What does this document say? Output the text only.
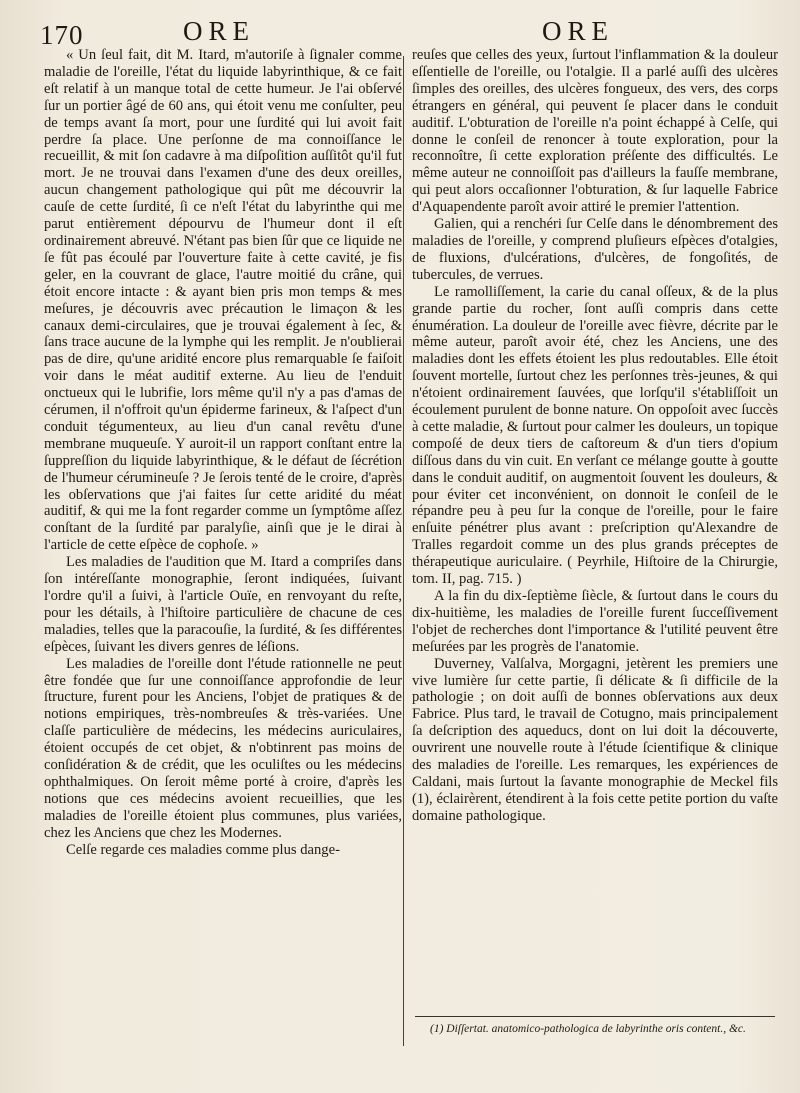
170	ORE	ORE

« Un ſeul fait, dit M. Itard, m'autoriſe à ſignaler comme maladie de l'oreille, l'état du liquide labyrinthique, & ce fait eſt relatif à un manque total de cette humeur. Je l'ai obſervé ſur un portier âgé de 60 ans, qui étoit venu me conſulter, peu de temps avant ſa mort, pour une ſurdité qui lui avoit fait perdre ſa place. Une perſonne de ma connoiſſance le recueillit, & mit ſon cadavre à ma diſpoſition auſſitôt qu'il fut mort. Je ne trouvai dans l'examen d'une des deux oreilles, aucun changement pathologique qui pût me découvrir la cauſe de cette ſurdité, ſi ce n'eſt l'état du labyrinthe qui me parut entièrement dépourvu de l'humeur dont il eſt ordinairement abreuvé. N'étant pas bien ſûr que ce liquide ne ſe fût pas écoulé par l'ouverture faite à cette cavité, je fis geler, en la couvrant de glace, l'autre moitié du crâne, qui étoit encore intacte : & ayant bien pris mon temps & mes meſures, je découvris avec précaution le limaçon & les canaux demi-circulaires, que je trouvai également à ſec, & ſans trace aucune de la lymphe qui les remplit. Je n'oublierai pas de dire, qu'une aridité encore plus remarquable ſe faiſoit voir dans le méat auditif externe. Au lieu de l'enduit onctueux qui le lubrifie, lors même qu'il n'y a pas d'amas de cérumen, il n'offroit qu'un épiderme farineux, & l'aſpect d'un conduit tégumenteux, au lieu d'un canal revêtu d'une membrane muqueuſe. Y auroit-il un rapport conſtant entre la ſuppreſſion du liquide labyrinthique, & le défaut de ſécrétion de l'humeur cérumineuſe ? Je ſerois tenté de le croire, d'après les obſervations que j'ai faites ſur cette aridité du méat auditif, & qui me la font regarder comme un ſymptôme aſſez conſtant de la ſurdité par paralyſie, ainſi que je le dirai à l'article de cette eſpèce de cophoſe. »

Les maladies de l'audition que M. Itard a compriſes dans ſon intéreſſante monographie, ſeront indiquées, ſuivant l'ordre qu'il a ſuivi, à l'article Ouïe, en renvoyant du reſte, pour les détails, à l'hiſtoire particulière de chacune de ces maladies, telles que la paracouſie, la ſurdité, & ſes différentes eſpèces, ſuivant les divers genres de léſions.

Les maladies de l'oreille dont l'étude rationnelle ne peut être fondée que ſur une connoiſſance approfondie de leur ſtructure, furent pour les Anciens, l'objet de pratiques & de notions empiriques, très-nombreuſes & très-variées. Une claſſe particulière de médecins, les médecins auriculaires, étoient occupés de cet objet, & n'obtinrent pas moins de conſidération & de crédit, que les oculiſtes ou les médecins ophthalmiques. On ſeroit même porté à croire, d'après les notions que ces médecins avoient recueillies, que les maladies de l'oreille étoient plus communes, plus variées, chez les Anciens que chez les Modernes.

Celſe regarde ces maladies comme plus dange-

reuſes que celles des yeux, ſurtout l'inflammation & la douleur eſſentielle de l'oreille, ou l'otalgie. Il a parlé auſſi des ulcères ſimples des oreilles, des ulcères fongueux, des vers, des corps étrangers en général, qui peuvent ſe placer dans le conduit auditif. L'obturation de l'oreille n'a point échappé à Celſe, qui donne le conſeil de renoncer à toute exploration, pour la reconnoître, ſi cette exploration préſente des difficultés. Le même auteur ne connoiſſoit pas d'ailleurs la fauſſe membrane, qui peut alors occaſionner l'obturation, & ſur laquelle Fabrice d'Aquapendente paroît avoir attiré le premier l'attention.

Galien, qui a renchéri ſur Celſe dans le dénombrement des maladies de l'oreille, y comprend pluſieurs eſpèces d'otalgies, de fluxions, d'ulcérations, d'ulcères, de fongoſités, de tubercules, de verrues.

Le ramolliſſement, la carie du canal oſſeux, & de la plus grande partie du rocher, ſont auſſi compris dans cette énumération. La douleur de l'oreille avec fièvre, décrite par le même auteur, paroît avoir été, chez les Anciens, une des maladies dont les effets étoient les plus redoutables. Elle étoit ſouvent mortelle, ſurtout chez les perſonnes très-jeunes, & qui n'étoient ordinairement ſauvées, que lorſqu'il s'établiſſoit un écoulement purulent de bonne nature. On oppoſoit avec ſuccès à cette maladie, & ſurtout pour calmer les douleurs, un topique compoſé de deux tiers de caſtoreum & d'un tiers d'opium diſſous dans du vin cuit. En verſant ce mélange goutte à goutte dans le conduit auditif, on augmentoit ſouvent les douleurs, & pour éviter cet inconvénient, on donnoit le conſeil de le répandre peu à peu ſur la conque de l'oreille, pour le faire enſuite pénétrer plus avant : preſcription qu'Alexandre de Tralles regardoit comme un des plus grands préceptes de thérapeutique auriculaire. ( Peyrhile, Hiſtoire de la Chirurgie, tom. II, pag. 715. )

A la fin du dix-ſeptième ſiècle, & ſurtout dans le cours du dix-huitième, les maladies de l'oreille furent ſucceſſivement l'objet de recherches dont l'importance & l'utilité peuvent être meſurées par les progrès de l'anatomie.

Duverney, Valſalva, Morgagni, jetèrent les premiers une vive lumière ſur cette partie, ſi délicate & ſi difficile de la pathologie ; on doit auſſi de bonnes obſervations aux deux Fabrice. Plus tard, le travail de Cotugno, mais principalement ſa deſcription des aqueducs, dont on lui doit la découverte, ouvrirent une nouvelle route à l'étude ſcientifique & clinique des maladies de l'oreille. Les remarques, les expériences de Caldani, mais ſurtout la ſavante monographie de Meckel fils (1), éclairèrent, étendirent à la fois cette petite portion du vaſte domaine pathologique.

(1) Diſſertat. anatomico-pathologica de labyrinthe oris content., &c.
